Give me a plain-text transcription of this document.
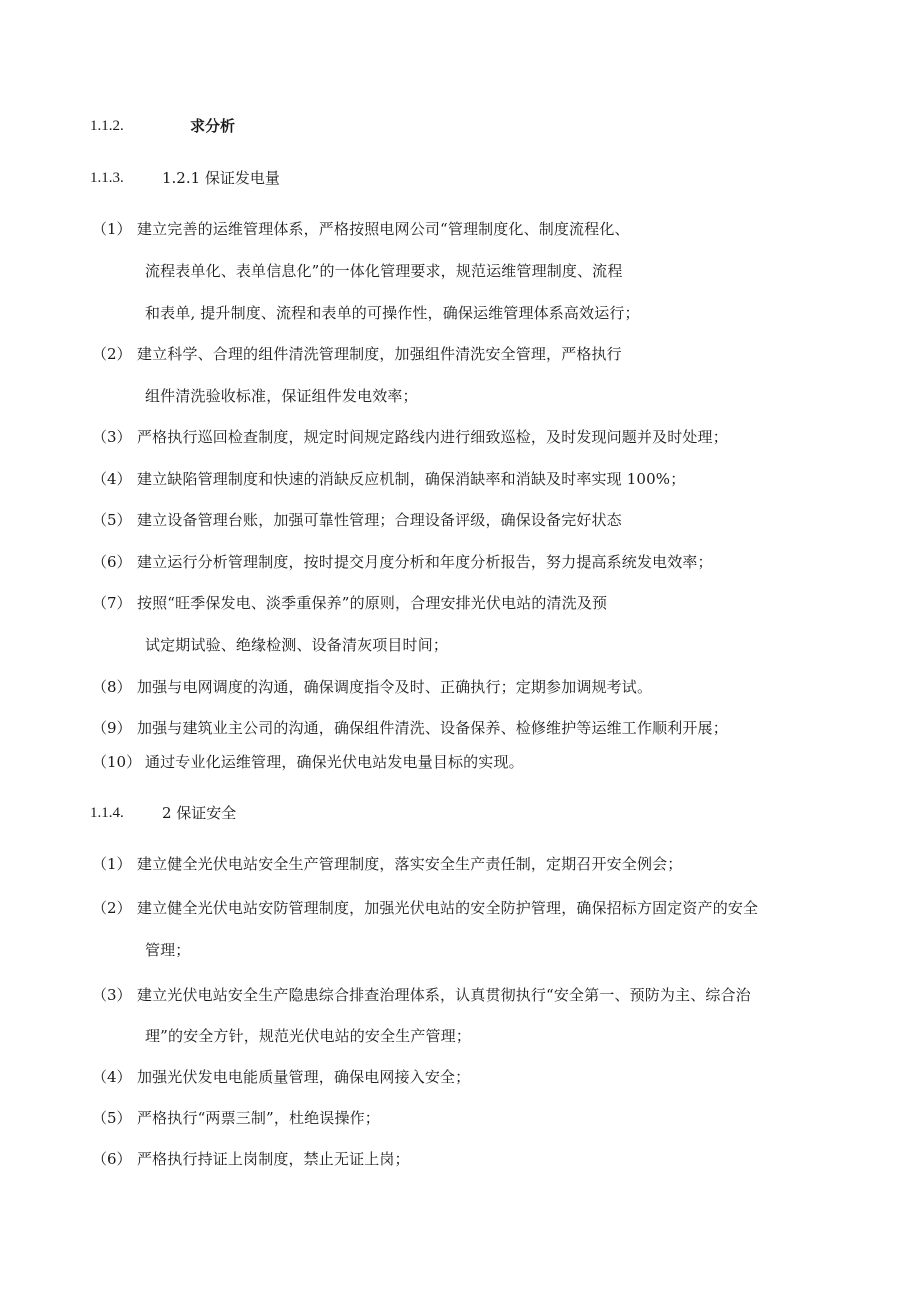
1.1.2.	求分析
1.1.3.	1.2.1 保证发电量
（1） 建立完善的运维管理体系，严格按照电网公司“管理制度化、制度流程化、
流程表单化、表单信息化”的一体化管理要求，规范运维管理制度、流程
和表单, 提升制度、流程和表单的可操作性，确保运维管理体系高效运行；
（2） 建立科学、合理的组件清洗管理制度，加强组件清洗安全管理，严格执行
组件清洗验收标准，保证组件发电效率；
（3） 严格执行巡回检查制度，规定时间规定路线内进行细致巡检，及时发现问题并及时处理；
（4） 建立缺陷管理制度和快速的消缺反应机制，确保消缺率和消缺及时率实现 100%；
（5） 建立设备管理台账，加强可靠性管理；合理设备评级，确保设备完好状态
（6） 建立运行分析管理制度，按时提交月度分析和年度分析报告，努力提高系统发电效率；
（7） 按照“旺季保发电、淡季重保养”的原则，合理安排光伏电站的清洗及预
试定期试验、绝缘检测、设备清灰项目时间；
（8） 加强与电网调度的沟通，确保调度指令及时、正确执行；定期参加调规考试。
（9） 加强与建筑业主公司的沟通，确保组件清洗、设备保养、检修维护等运维工作顺利开展；
（10） 通过专业化运维管理，确保光伏电站发电量目标的实现。
1.1.4.	2 保证安全
（1） 建立健全光伏电站安全生产管理制度，落实安全生产责任制，定期召开安全例会；
（2） 建立健全光伏电站安防管理制度，加强光伏电站的安全防护管理，确保招标方固定资产的安全
管理；
（3） 建立光伏电站安全生产隐患综合排查治理体系，认真贯彻执行“安全第一、预防为主、综合治
理”的安全方针，规范光伏电站的安全生产管理；
（4） 加强光伏发电电能质量管理，确保电网接入安全；
（5） 严格执行“两票三制”，杜绝误操作；
（6） 严格执行持证上岗制度，禁止无证上岗；
